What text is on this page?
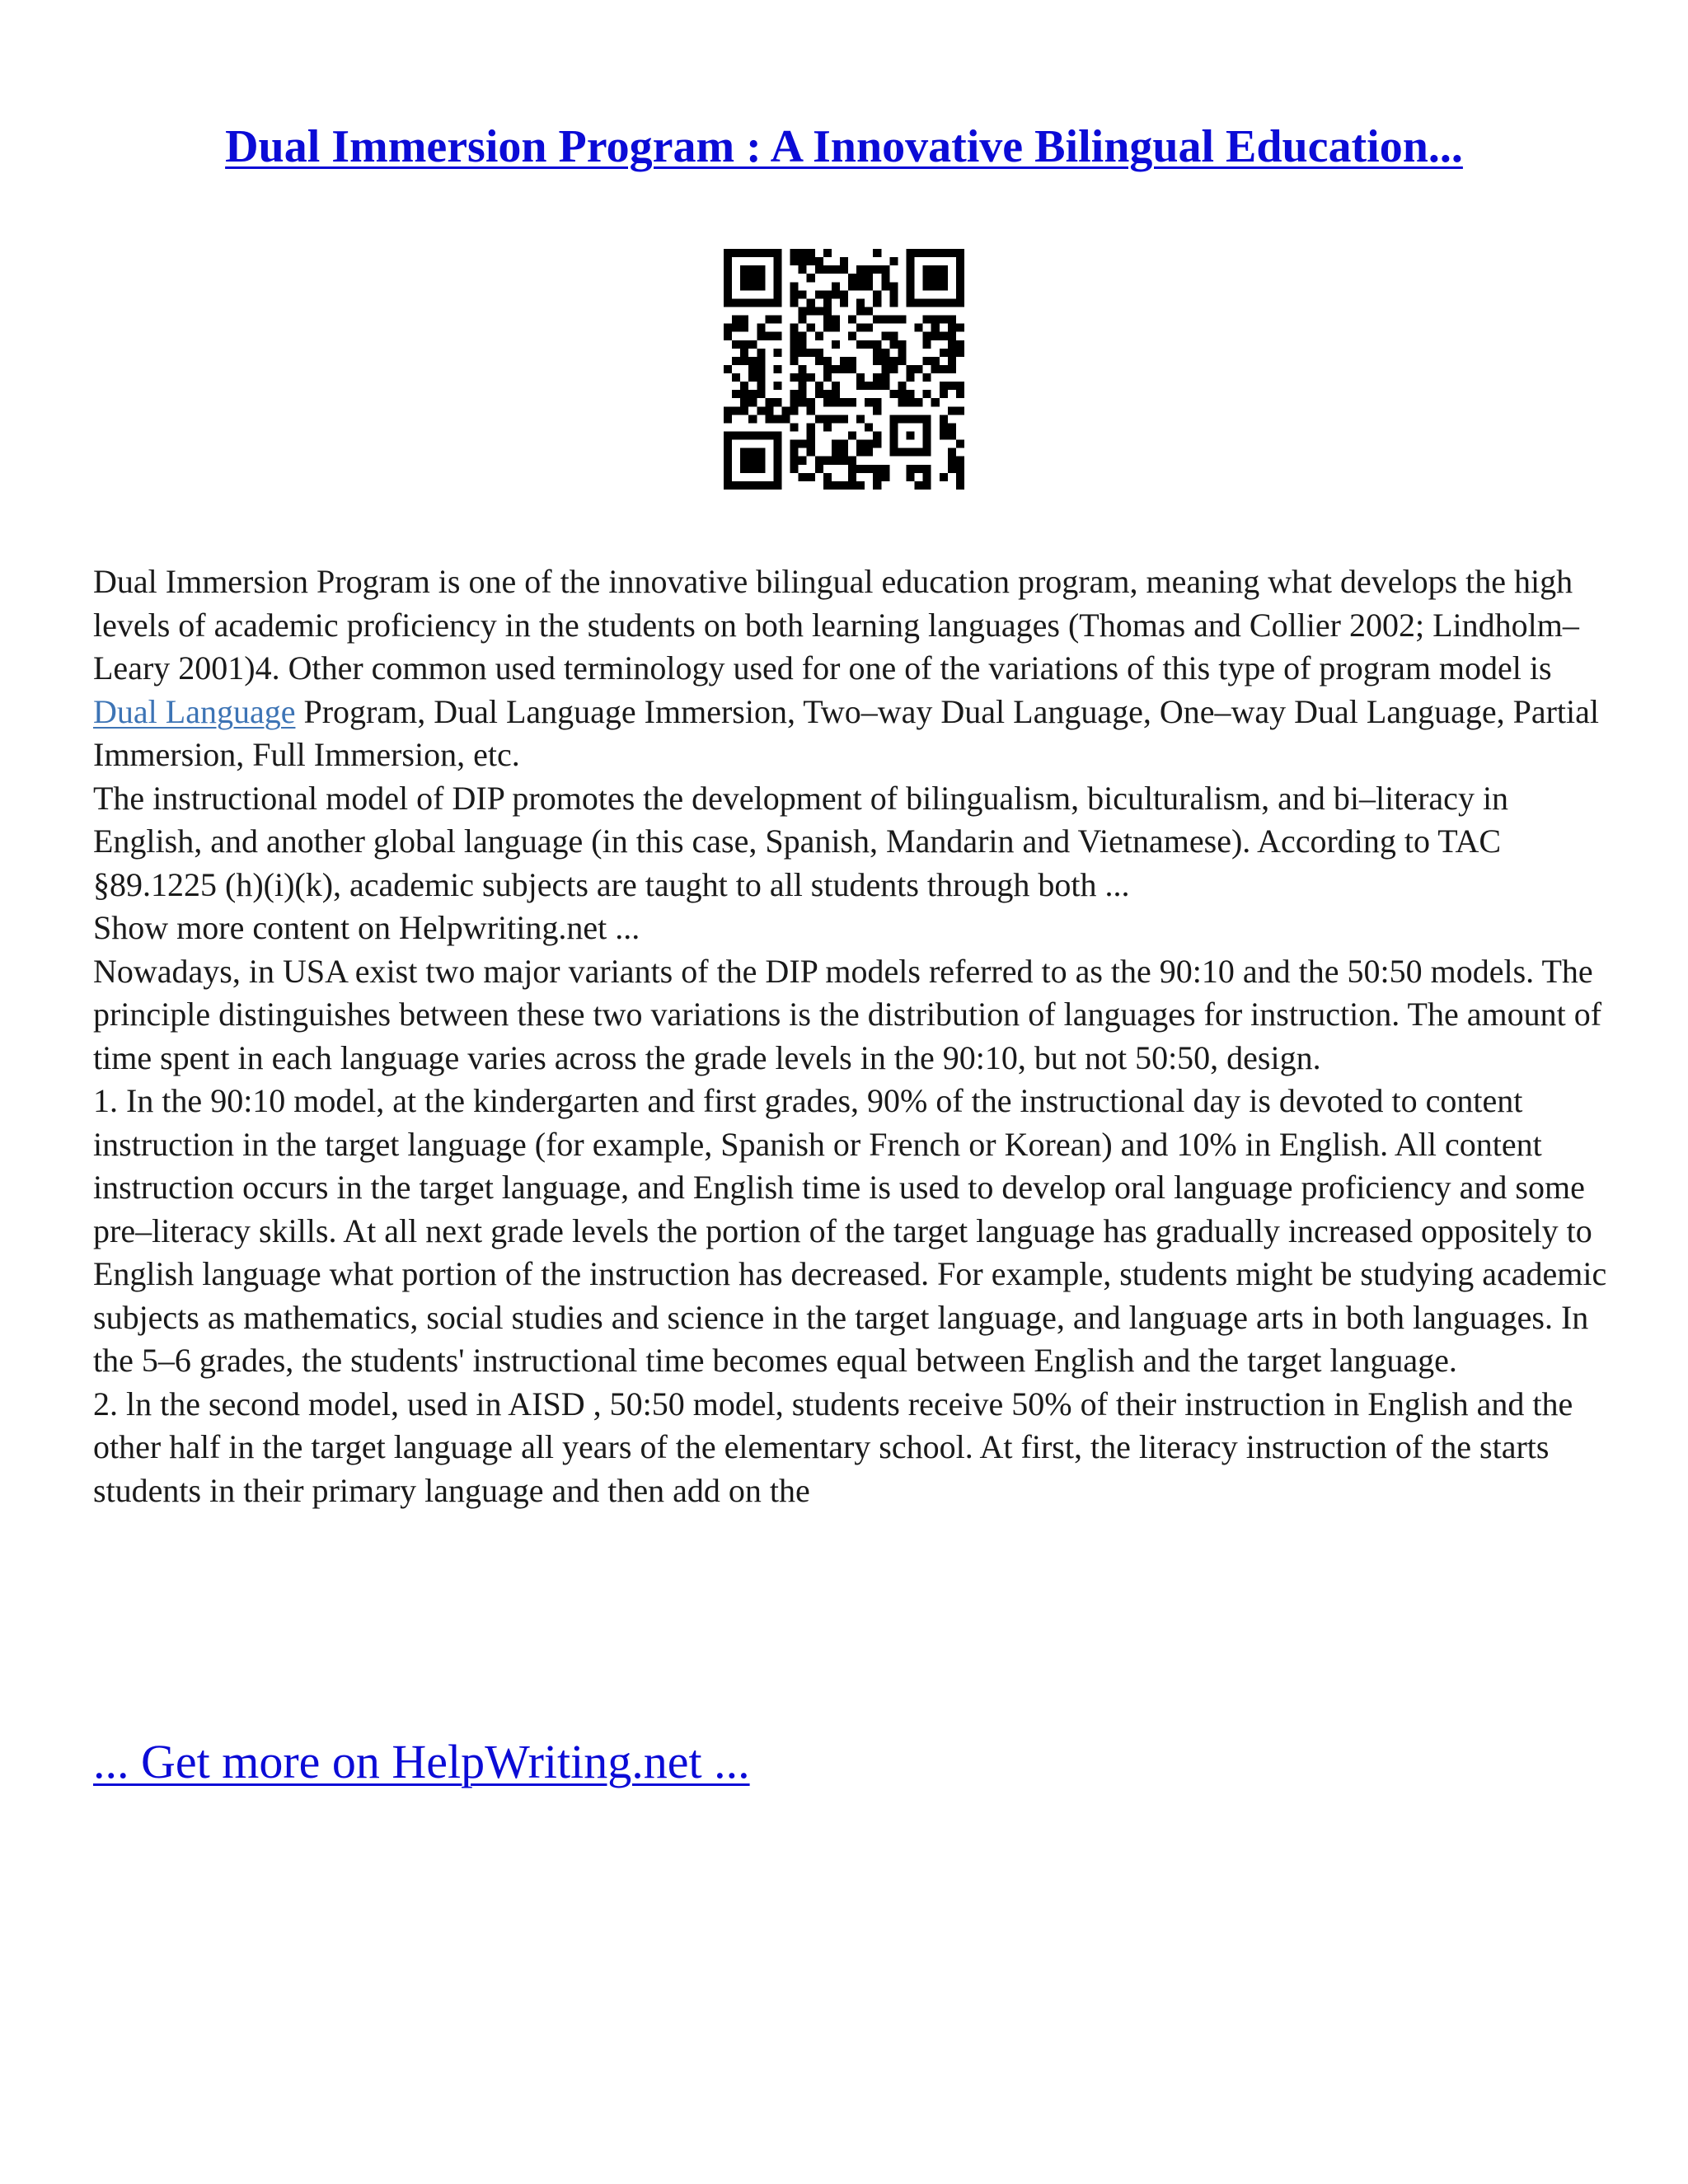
Dual Immersion Program : A Innovative Bilingual Education...

Dual Immersion Program is one of the innovative bilingual education program, meaning what develops the high levels of academic proficiency in the students on both learning languages (Thomas and Collier 2002; Lindholm–Leary 2001)4. Other common used terminology used for one of the variations of this type of program model is Dual Language Program, Dual Language Immersion, Two–way Dual Language, One–way Dual Language, Partial Immersion, Full Immersion, etc.

The instructional model of DIP promotes the development of bilingualism, biculturalism, and bi–literacy in English, and another global language (in this case, Spanish, Mandarin and Vietnamese). According to TAC §89.1225 (h)(i)(k), academic subjects are taught to all students through both ...

Show more content on Helpwriting.net ...

Nowadays, in USA exist two major variants of the DIP models referred to as the 90:10 and the 50:50 models. The principle distinguishes between these two variations is the distribution of languages for instruction. The amount of time spent in each language varies across the grade levels in the 90:10, but not 50:50, design.

1. In the 90:10 model, at the kindergarten and first grades, 90% of the instructional day is devoted to content instruction in the target language (for example, Spanish or French or Korean) and 10% in English. All content instruction occurs in the target language, and English time is used to develop oral language proficiency and some pre–literacy skills. At all next grade levels the portion of the target language has gradually increased oppositely to English language what portion of the instruction has decreased. For example, students might be studying academic subjects as mathematics, social studies and science in the target language, and language arts in both languages. In the 5–6 grades, the students' instructional time becomes equal between English and the target language.

2. ln the second model, used in AISD , 50:50 model, students receive 50% of their instruction in English and the other half in the target language all years of the elementary school. At first, the literacy instruction of the starts students in their primary language and then add on the

... Get more on HelpWriting.net ...
